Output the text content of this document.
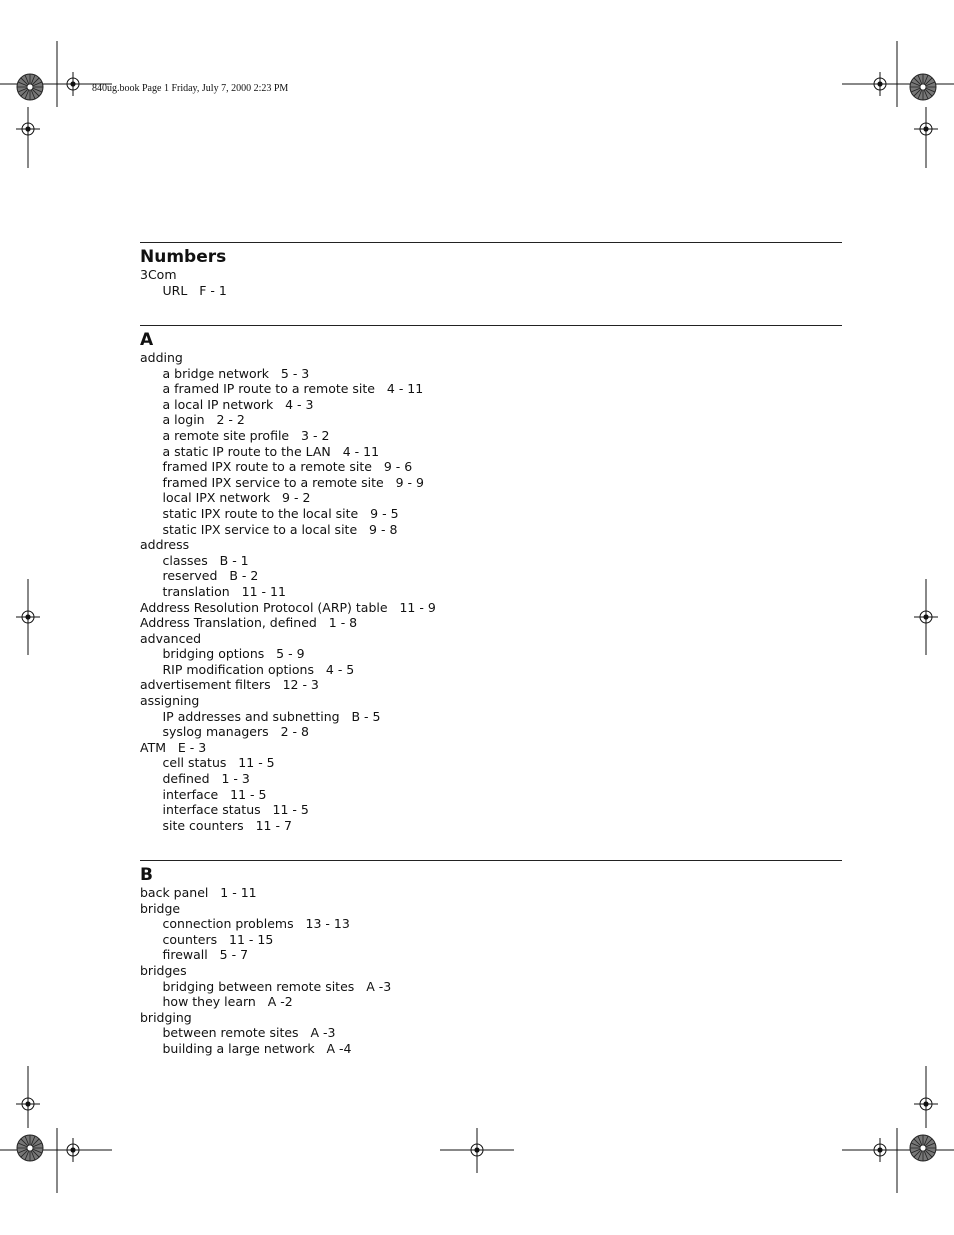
840ug.book Page 1 Friday, July 7, 2000 2:23 PM
Numbers
3Com
URL   F - 1
A
adding
a bridge network   5 - 3
a framed IP route to a remote site   4 - 11
a local IP network   4 - 3
a login   2 - 2
a remote site profile   3 - 2
a static IP route to the LAN   4 - 11
framed IPX route to a remote site   9 - 6
framed IPX service to a remote site   9 - 9
local IPX network   9 - 2
static IPX route to the local site   9 - 5
static IPX service to a local site   9 - 8
address
classes   B - 1
reserved   B - 2
translation   11 - 11
Address Resolution Protocol (ARP) table   11 - 9
Address Translation, defined   1 - 8
advanced
bridging options   5 - 9
RIP modification options   4 - 5
advertisement filters   12 - 3
assigning
IP addresses and subnetting   B - 5
syslog managers   2 - 8
ATM   E - 3
cell status   11 - 5
defined   1 - 3
interface   11 - 5
interface status   11 - 5
site counters   11 - 7
B
back panel   1 - 11
bridge
connection problems   13 - 13
counters   11 - 15
firewall   5 - 7
bridges
bridging between remote sites   A -3
how they learn   A -2
bridging
between remote sites   A -3
building a large network   A -4
